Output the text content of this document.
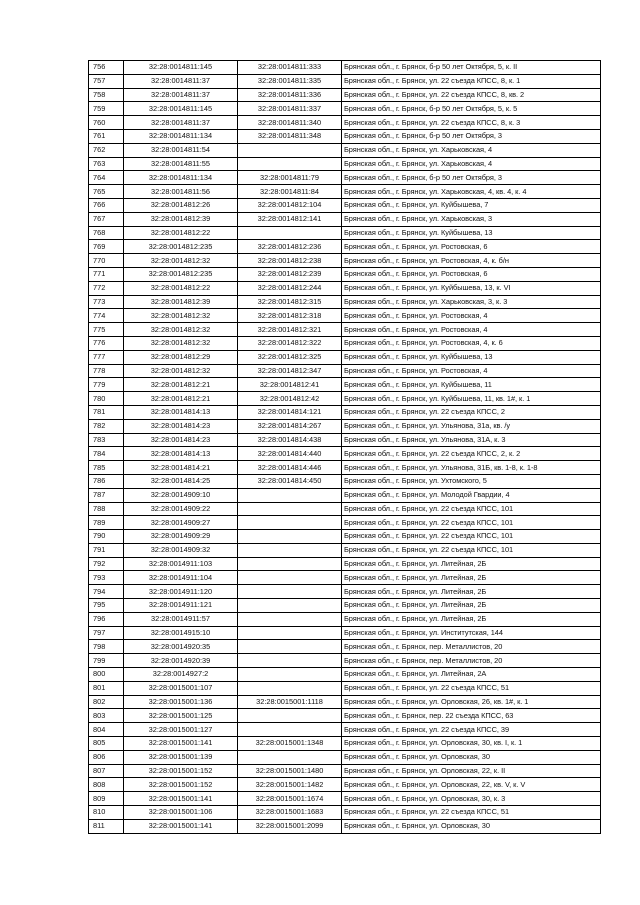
756	32:28:0014811:145	32:28:0014811:333	Брянская обл., г. Брянск, б-р 50 лет Октября, 5, к. II
757	32:28:0014811:37	32:28:0014811:335	Брянская обл., г. Брянск, ул. 22 съезда КПСС, 8, к. 1
758	32:28:0014811:37	32:28:0014811:336	Брянская обл., г. Брянск, ул. 22 съезда КПСС, 8, кв. 2
759	32:28:0014811:145	32:28:0014811:337	Брянская обл., г. Брянск, б-р 50 лет Октября, 5, к. 5
760	32:28:0014811:37	32:28:0014811:340	Брянская обл., г. Брянск, ул. 22 съезда КПСС, 8, к. 3
761	32:28:0014811:134	32:28:0014811:348	Брянская обл., г. Брянск, б-р 50 лет Октября, 3
762	32:28:0014811:54		Брянская обл., г. Брянск, ул. Харьковская, 4
763	32:28:0014811:55		Брянская обл., г. Брянск, ул. Харьковская, 4
764	32:28:0014811:134	32:28:0014811:79	Брянская обл., г. Брянск, б-р 50 лет Октября, 3
765	32:28:0014811:56	32:28:0014811:84	Брянская обл., г. Брянск, ул. Харьковская, 4, кв. 4, к. 4
766	32:28:0014812:26	32:28:0014812:104	Брянская обл., г. Брянск, ул. Куйбышева, 7
767	32:28:0014812:39	32:28:0014812:141	Брянская обл., г. Брянск, ул. Харьковская, 3
768	32:28:0014812:22		Брянская обл., г. Брянск, ул. Куйбышева, 13
769	32:28:0014812:235	32:28:0014812:236	Брянская обл., г. Брянск, ул. Ростовская, 6
770	32:28:0014812:32	32:28:0014812:238	Брянская обл., г. Брянск, ул. Ростовская, 4, к. б/н
771	32:28:0014812:235	32:28:0014812:239	Брянская обл., г. Брянск, ул. Ростовская, 6
772	32:28:0014812:22	32:28:0014812:244	Брянская обл., г. Брянск, ул. Куйбышева, 13, к. VI
773	32:28:0014812:39	32:28:0014812:315	Брянская обл., г. Брянск, ул. Харьковская, 3, к. 3
774	32:28:0014812:32	32:28:0014812:318	Брянская обл., г. Брянск, ул. Ростовская, 4
775	32:28:0014812:32	32:28:0014812:321	Брянская обл., г. Брянск, ул. Ростовская, 4
776	32:28:0014812:32	32:28:0014812:322	Брянская обл., г. Брянск, ул. Ростовская, 4, к. 6
777	32:28:0014812:29	32:28:0014812:325	Брянская обл., г. Брянск, ул. Куйбышева, 13
778	32:28:0014812:32	32:28:0014812:347	Брянская обл., г. Брянск, ул. Ростовская, 4
779	32:28:0014812:21	32:28:0014812:41	Брянская обл., г. Брянск, ул. Куйбышева, 11
780	32:28:0014812:21	32:28:0014812:42	Брянская обл., г. Брянск, ул. Куйбышева, 11, кв. 1#, к. 1
781	32:28:0014814:13	32:28:0014814:121	Брянская обл., г. Брянск, ул. 22 съезда КПСС, 2
782	32:28:0014814:23	32:28:0014814:267	Брянская обл., г. Брянск, ул. Ульянова, 31а, кв. /у
783	32:28:0014814:23	32:28:0014814:438	Брянская обл., г. Брянск, ул. Ульянова, 31А, к. 3
784	32:28:0014814:13	32:28:0014814:440	Брянская обл., г. Брянск, ул. 22 съезда КПСС, 2, к. 2
785	32:28:0014814:21	32:28:0014814:446	Брянская обл., г. Брянск, ул. Ульянова, 31Б, кв. 1-8, к. 1-8
786	32:28:0014814:25	32:28:0014814:450	Брянская обл., г. Брянск, ул. Ухтомского, 5
787	32:28:0014909:10		Брянская обл., г. Брянск, ул. Молодой Гвардии, 4
788	32:28:0014909:22		Брянская обл., г. Брянск, ул. 22 съезда КПСС, 101
789	32:28:0014909:27		Брянская обл., г. Брянск, ул. 22 съезда КПСС, 101
790	32:28:0014909:29		Брянская обл., г. Брянск, ул. 22 съезда КПСС, 101
791	32:28:0014909:32		Брянская обл., г. Брянск, ул. 22 съезда КПСС, 101
792	32:28:0014911:103		Брянская обл., г. Брянск, ул. Литейная, 2Б
793	32:28:0014911:104		Брянская обл., г. Брянск, ул. Литейная, 2Б
794	32:28:0014911:120		Брянская обл., г. Брянск, ул. Литейная, 2Б
795	32:28:0014911:121		Брянская обл., г. Брянск, ул. Литейная, 2Б
796	32:28:0014911:57		Брянская обл., г. Брянск, ул. Литейная, 2Б
797	32:28:0014915:10		Брянская обл., г. Брянск, ул. Институтская, 144
798	32:28:0014920:35		Брянская обл., г. Брянск, пер. Металлистов, 20
799	32:28:0014920:39		Брянская обл., г. Брянск, пер. Металлистов, 20
800	32:28:0014927:2		Брянская обл., г. Брянск, ул. Литейная, 2А
801	32:28:0015001:107		Брянская обл., г. Брянск, ул. 22 съезда КПСС, 51
802	32:28:0015001:136	32:28:0015001:1118	Брянская обл., г. Брянск, ул. Орловская, 26, кв. 1#, к. 1
803	32:28:0015001:125		Брянская обл., г. Брянск, пер. 22 съезда КПСС, 63
804	32:28:0015001:127		Брянская обл., г. Брянск, ул. 22 съезда КПСС, 39
805	32:28:0015001:141	32:28:0015001:1348	Брянская обл., г. Брянск, ул. Орловская, 30, кв. I, к. 1
806	32:28:0015001:139		Брянская обл., г. Брянск, ул. Орловская, 30
807	32:28:0015001:152	32:28:0015001:1480	Брянская обл., г. Брянск, ул. Орловская, 22, к. II
808	32:28:0015001:152	32:28:0015001:1482	Брянская обл., г. Брянск, ул. Орловская, 22, кв. V, к. V
809	32:28:0015001:141	32:28:0015001:1674	Брянская обл., г. Брянск, ул. Орловская, 30, к. 3
810	32:28:0015001:106	32:28:0015001:1683	Брянская обл., г. Брянск, ул. 22 съезда КПСС, 51
811	32:28:0015001:141	32:28:0015001:2099	Брянская обл., г. Брянск, ул. Орловская, 30
